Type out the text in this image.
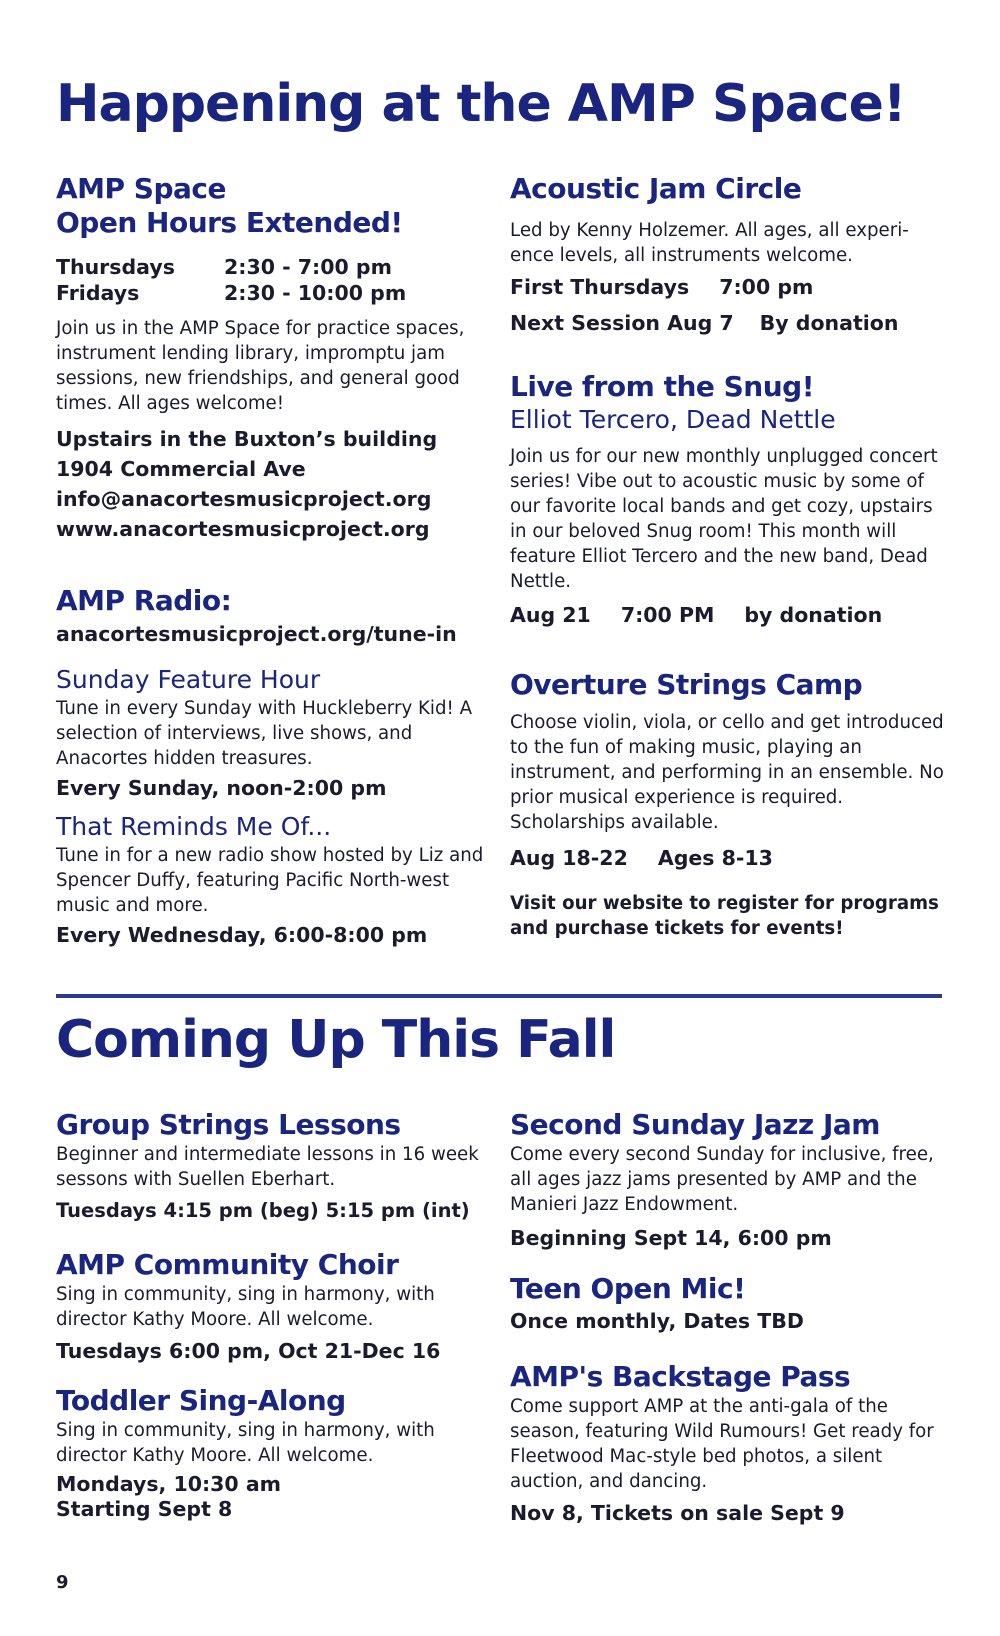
Happening at the AMP Space!
AMP Space
Open Hours Extended!
Thursdays	2:30 - 7:00 pm
Fridays	2:30 - 10:00 pm

Join us in the AMP Space for practice spaces, instrument lending library, impromptu jam sessions, new friendships, and general good times. All ages welcome!

Upstairs in the Buxton’s building

1904 Commercial Ave

info@anacortesmusicproject.org

www.anacortesmusicproject.org

AMP Radio:

anacortesmusicproject.org/tune-in

Sunday Feature Hour

Tune in every Sunday with Huckleberry Kid! A selection of interviews, live shows, and Anacortes hidden treasures.

Every Sunday, noon-2:00 pm

That Reminds Me Of...

Tune in for a new radio show hosted by Liz and Spencer Duffy, featuring Pacific North-west music and more.

Every Wednesday, 6:00-8:00 pm

Acoustic Jam Circle

Led by Kenny Holzemer. All ages, all experi-ence levels, all instruments welcome.

First Thursdays 7:00 pm
Next Session Aug 7 By donation
Live from the Snug!
Elliot Tercero, Dead Nettle

Join us for our new monthly unplugged concert series! Vibe out to acoustic music by some of our favorite local bands and get cozy, upstairs in our beloved Snug room! This month will feature Elliot Tercero and the new band, Dead Nettle.

Aug 21 7:00 PM by donation
Overture Strings Camp

Choose violin, viola, or cello and get introduced to the fun of making music, playing an instrument, and performing in an ensemble. No prior musical experience is required. Scholarships available.

Aug 18-22 Ages 8-13

Visit our website to register for programs and purchase tickets for events!

Coming Up This Fall
Group Strings Lessons

Beginner and intermediate lessons in 16 week sessons with Suellen Eberhart.

Tuesdays 4:15 pm (beg) 5:15 pm (int)

AMP Community Choir

Sing in community, sing in harmony, with director Kathy Moore. All welcome.

Tuesdays 6:00 pm, Oct 21-Dec 16

Toddler Sing-Along

Sing in community, sing in harmony, with director Kathy Moore. All welcome.

Mondays, 10:30 am

Starting Sept 8

Second Sunday Jazz Jam

Come every second Sunday for inclusive, free, all ages jazz jams presented by AMP and the Manieri Jazz Endowment.

Beginning Sept 14, 6:00 pm

Teen Open Mic!

Once monthly, Dates TBD

AMP's Backstage Pass

Come support AMP at the anti-gala of the season, featuring Wild Rumours! Get ready for Fleetwood Mac-style bed photos, a silent auction, and dancing.

Nov 8, Tickets on sale Sept 9

9
